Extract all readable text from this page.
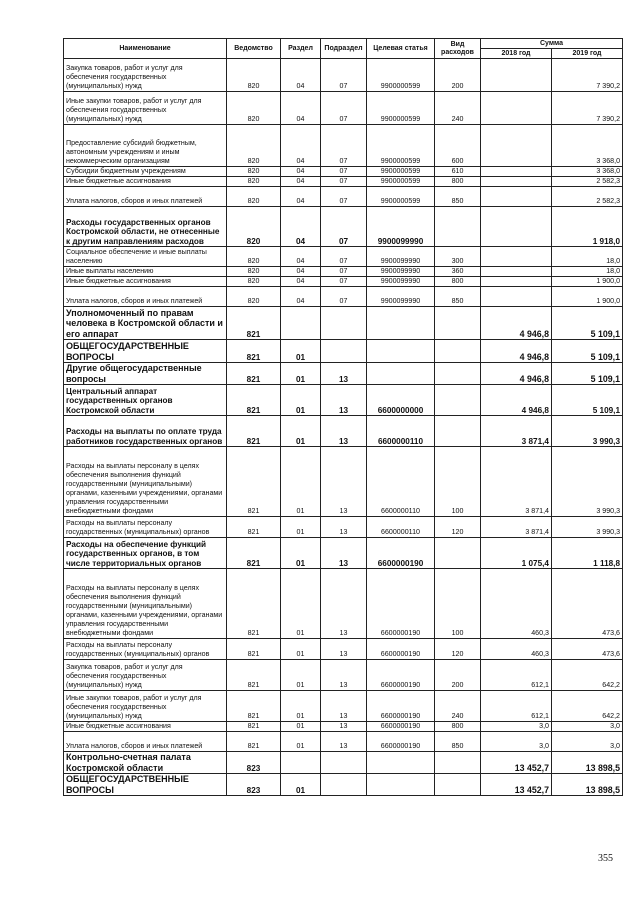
Наименование	Ведомство	Раздел	Подраздел	Целевая статья	Вид расходов	Сумма	
						2018 год	2019 год
Закупка товаров, работ и услуг для обеспечения государственных (муниципальных) нужд	820	04	07	9900000599	200		7 390,2
Иные закупки товаров, работ и услуг для обеспечения государственных (муниципальных) нужд	820	04	07	9900000599	240		7 390,2
Предоставление субсидий бюджетным, автономным учреждениям и иным некоммерческим организациям	820	04	07	9900000599	600		3 368,0
Субсидии бюджетным учреждениям	820	04	07	9900000599	610		3 368,0
Иные бюджетные ассигнования	820	04	07	9900000599	800		2 582,3
Уплата налогов, сборов и иных платежей	820	04	07	9900000599	850		2 582,3
Расходы государственных органов Костромской области, не отнесенные к другим направлениям расходов	820	04	07	9900099990			1 918,0
Социальное обеспечение и иные выплаты населению	820	04	07	9900099990	300		18,0
Иные выплаты населению	820	04	07	9900099990	360		18,0
Иные бюджетные ассигнования	820	04	07	9900099990	800		1 900,0
Уплата налогов, сборов и иных платежей	820	04	07	9900099990	850		1 900,0
Уполномоченный по правам человека в Костромской области и его аппарат	821					4 946,8	5 109,1
ОБЩЕГОСУДАРСТВЕННЫЕ ВОПРОСЫ	821	01				4 946,8	5 109,1
Другие общегосударственные вопросы	821	01	13			4 946,8	5 109,1
Центральный аппарат государственных органов Костромской области	821	01	13	6600000000		4 946,8	5 109,1
Расходы на выплаты по оплате труда работников государственных органов	821	01	13	6600000110		3 871,4	3 990,3
Расходы на выплаты персоналу в целях обеспечения выполнения функций государственными (муниципальными) органами, казенными учреждениями, органами управления государственными внебюджетными фондами	821	01	13	6600000110	100	3 871,4	3 990,3
Расходы на выплаты персоналу государственных (муниципальных) органов	821	01	13	6600000110	120	3 871,4	3 990,3
Расходы на обеспечение функций государственных органов, в том числе территориальных органов	821	01	13	6600000190		1 075,4	1 118,8
Расходы на выплаты персоналу в целях обеспечения выполнения функций государственными (муниципальными) органами, казенными учреждениями, органами управления государственными внебюджетными фондами	821	01	13	6600000190	100	460,3	473,6
Расходы на выплаты персоналу государственных (муниципальных) органов	821	01	13	6600000190	120	460,3	473,6
Закупка товаров, работ и услуг для обеспечения государственных (муниципальных) нужд	821	01	13	6600000190	200	612,1	642,2
Иные закупки товаров, работ и услуг для обеспечения государственных (муниципальных) нужд	821	01	13	6600000190	240	612,1	642,2
Иные бюджетные ассигнования	821	01	13	6600000190	800	3,0	3,0
Уплата налогов, сборов и иных платежей	821	01	13	6600000190	850	3,0	3,0
Контрольно-счетная палата Костромской области	823					13 452,7	13 898,5
ОБЩЕГОСУДАРСТВЕННЫЕ ВОПРОСЫ	823	01				13 452,7	13 898,5
355
